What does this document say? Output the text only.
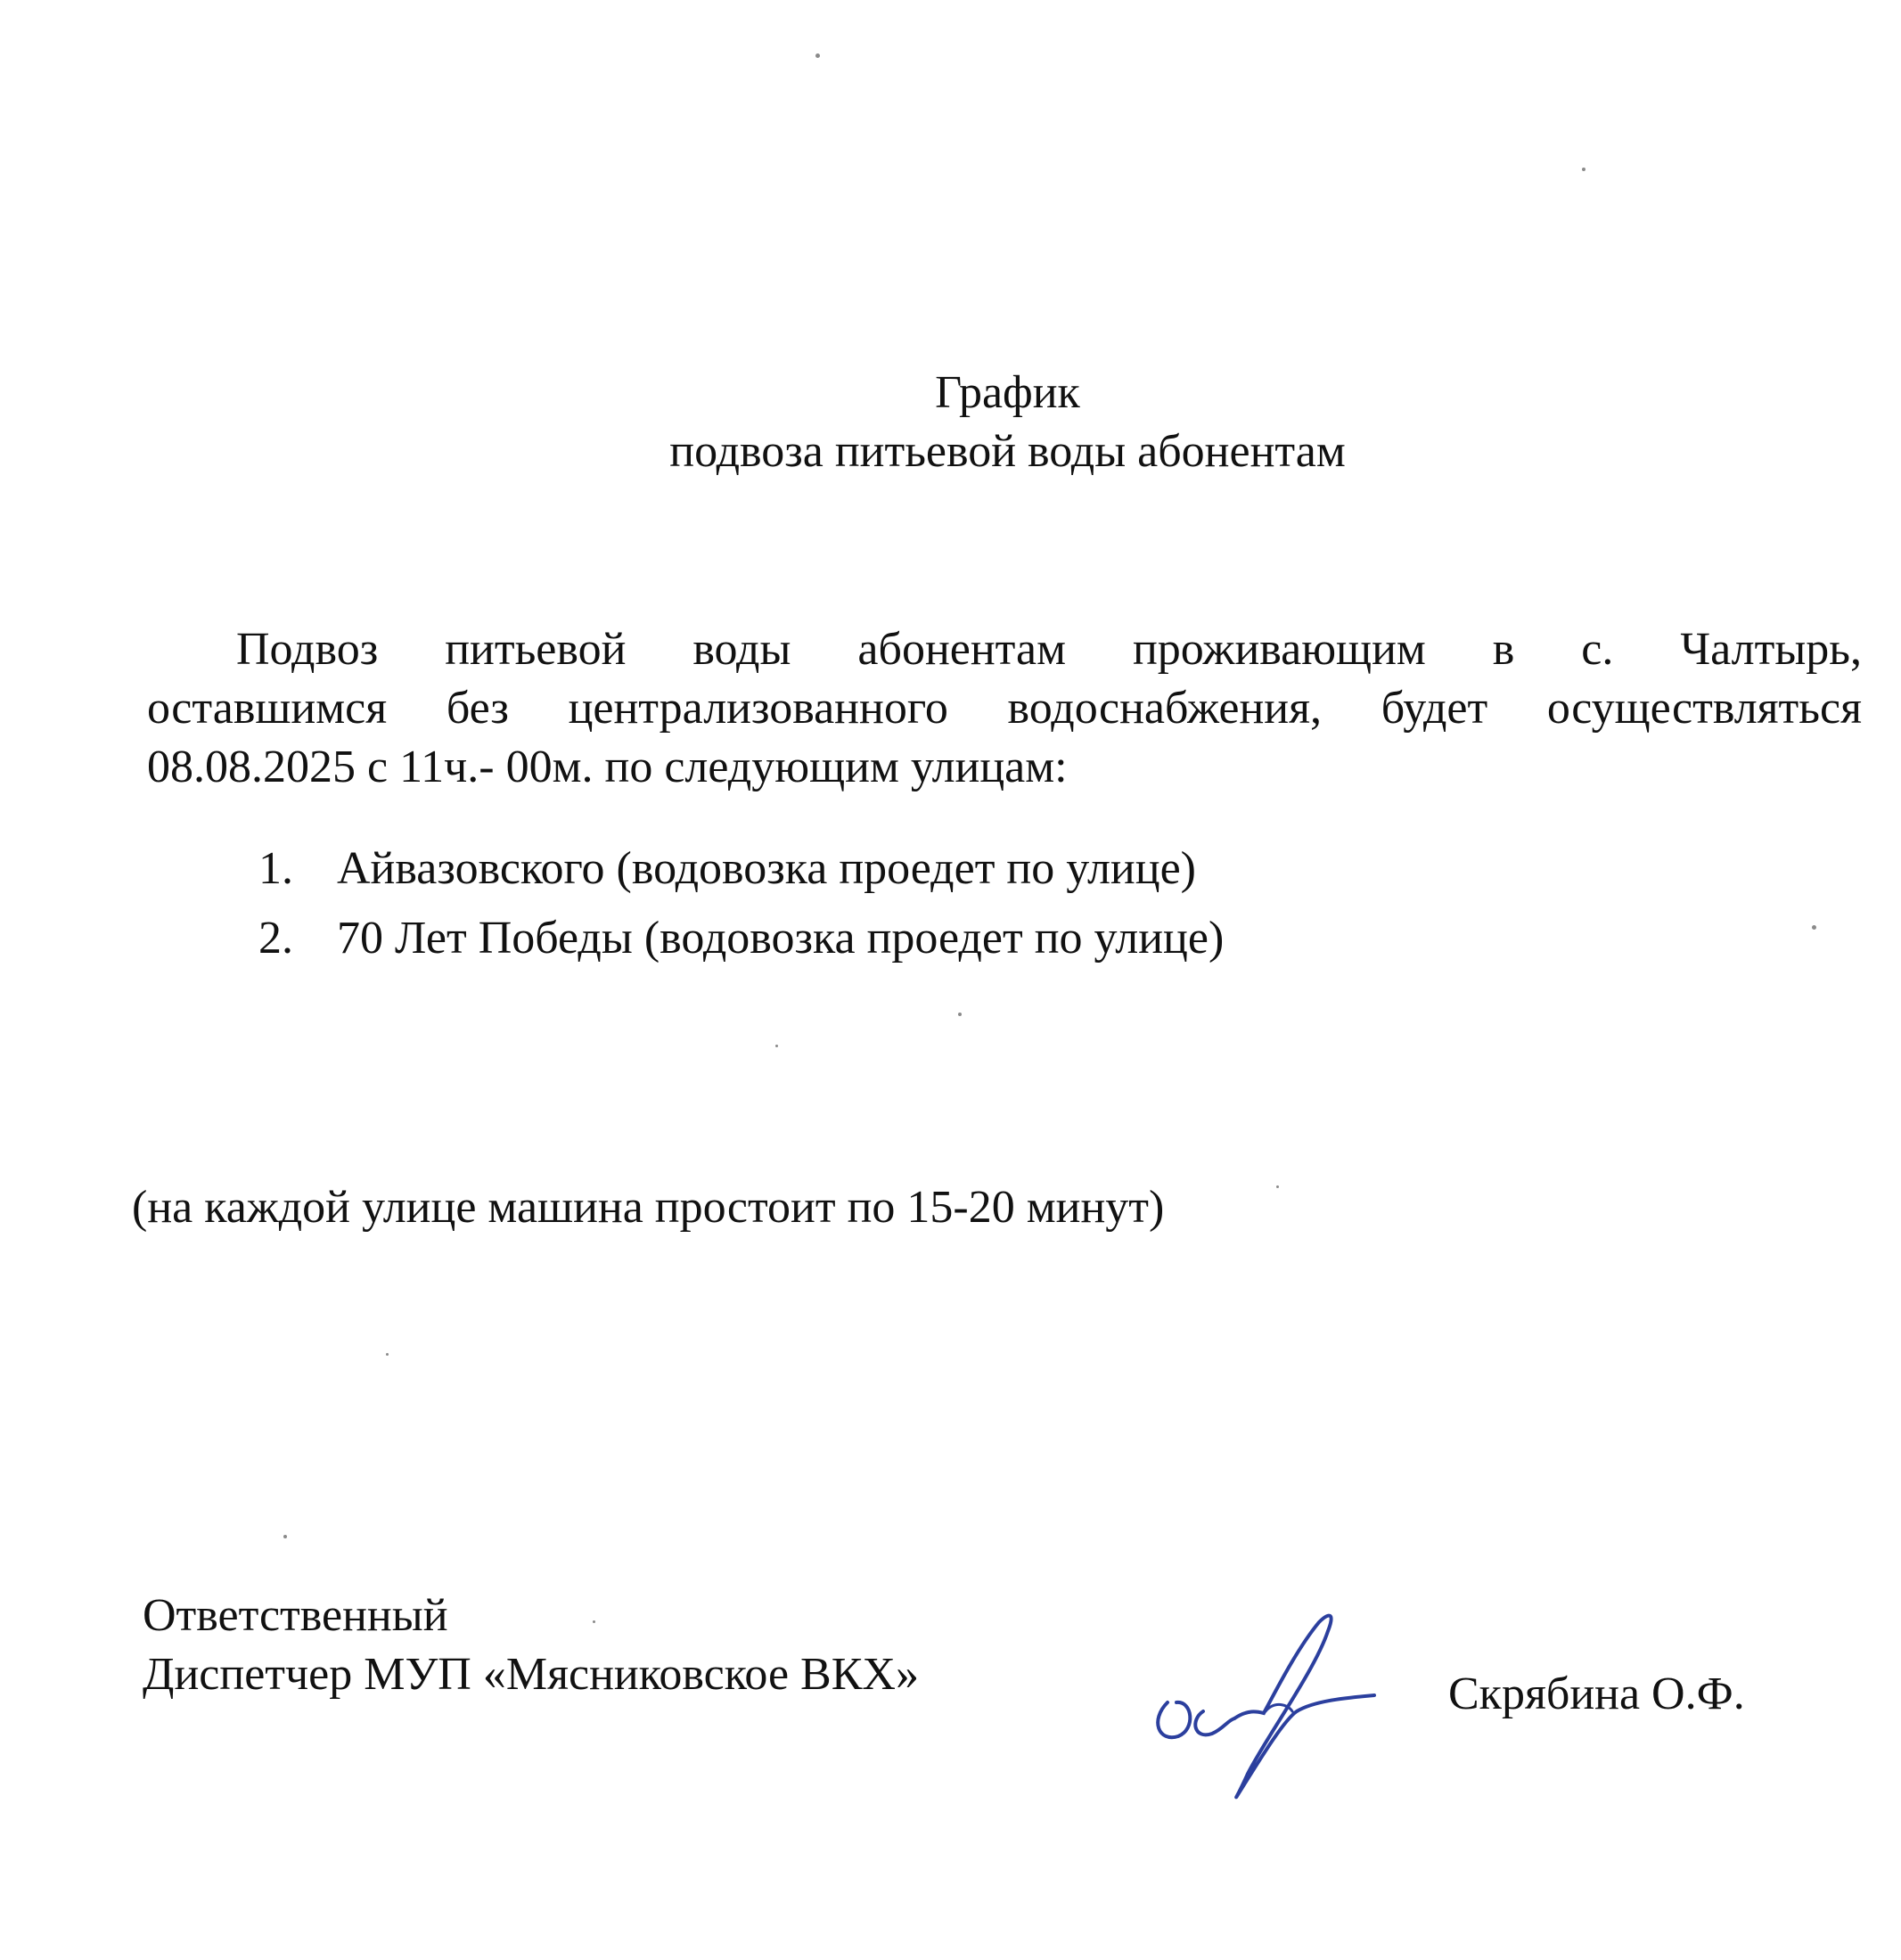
График
подвоза питьевой воды абонентам
Подвоз питьевой воды абонентам проживающим в с. Чалтырь,
оставшимся без централизованного водоснабжения, будет осуществляться
08.08.2025 с 11ч.- 00м. по следующим улицам:
1. Айвазовского (водовозка проедет по улице)
2. 70 Лет Победы (водовозка проедет по улице)

(на каждой улице машина простоит по 15-20 минут)

Ответственный
Диспетчер МУП «Мясниковское ВКХ»	Скрябина О.Ф.
